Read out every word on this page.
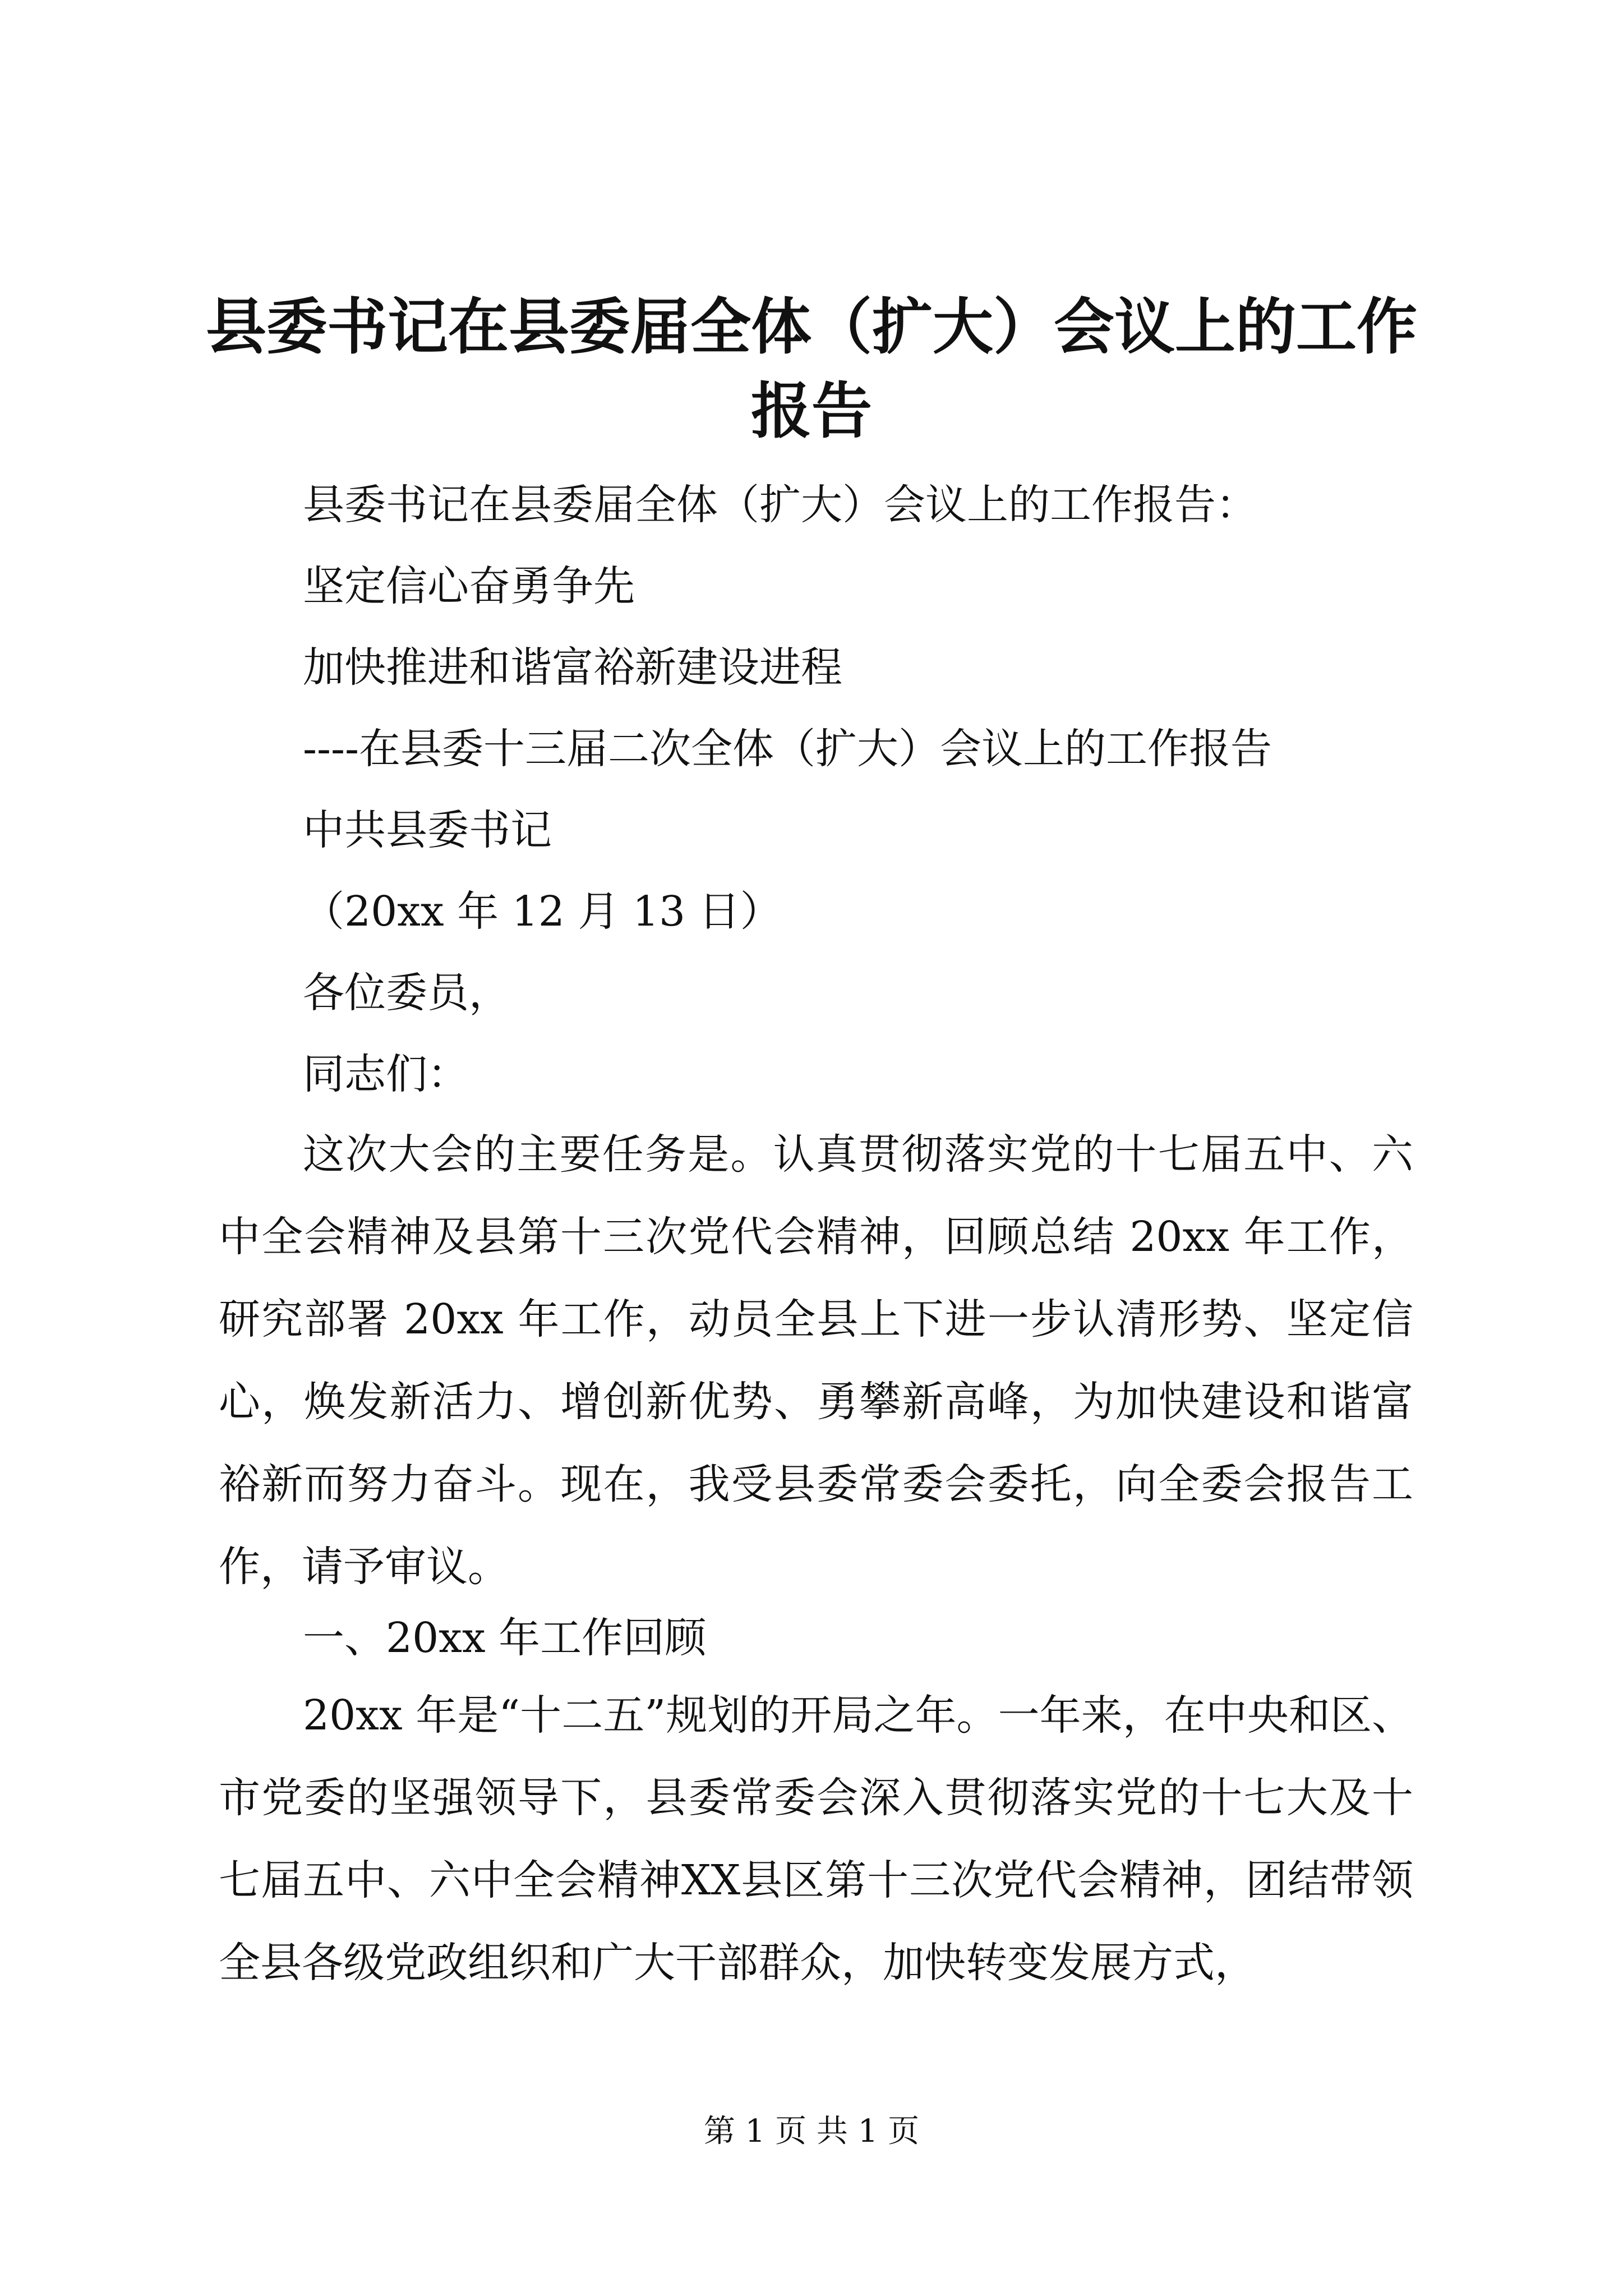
县委书记在县委届全体（扩大）会议上的工作
报告

县委书记在县委届全体（扩大）会议上的工作报告：

坚定信心奋勇争先

加快推进和谐富裕新建设进程

----在县委十三届二次全体（扩大）会议上的工作报告

中共县委书记

（20xx 年 12 月 13 日）

各位委员，

同志们：

这次大会的主要任务是。认真贯彻落实党的十七届五中、六中全会精神及县第十三次党代会精神，回顾总结 20xx 年工作，研究部署 20xx 年工作，动员全县上下进一步认清形势、坚定信心，焕发新活力、增创新优势、勇攀新高峰，为加快建设和谐富裕新而努力奋斗。现在，我受县委常委会委托，向全委会报告工作，请予审议。

一、20xx 年工作回顾

20xx 年是“十二五”规划的开局之年。一年来，在中央和区、市党委的坚强领导下，县委常委会深入贯彻落实党的十七大及十七届五中、六中全会精神XX县区第十三次党代会精神，团结带领全县各级党政组织和广大干部群众，加快转变发展方式，

第 1 页 共 1 页
